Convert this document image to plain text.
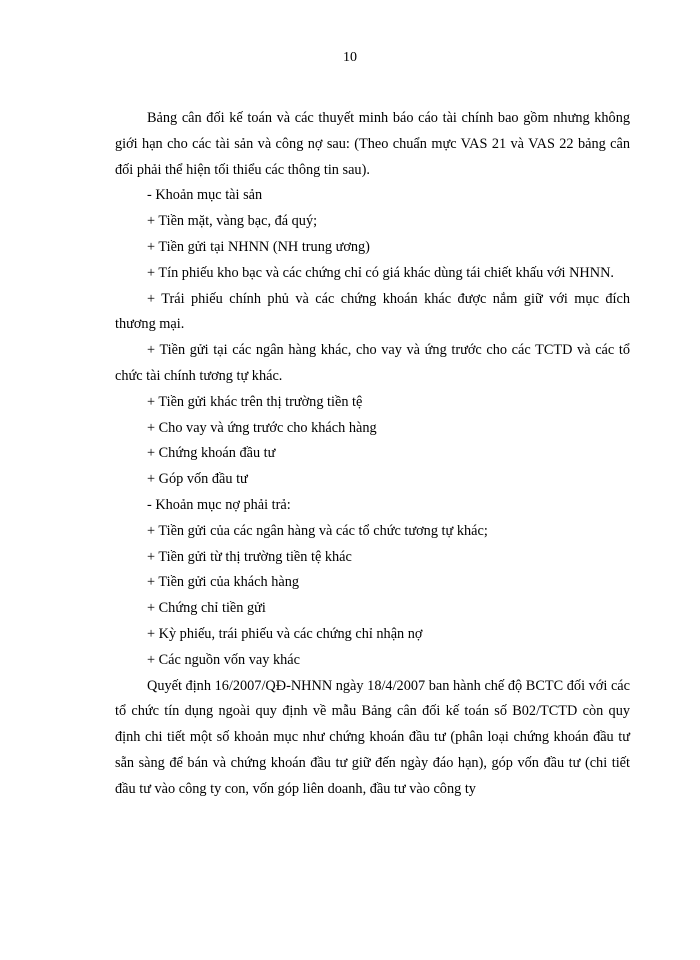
10

Bảng cân đối kế toán và các thuyết minh báo cáo tài chính bao gồm nhưng không giới hạn cho các tài sản và công nợ sau: (Theo chuẩn mực VAS 21 và VAS 22 bảng cân đối phải thể hiện tối thiểu các thông tin sau).

- Khoản mục tài sản

+ Tiền mặt, vàng bạc, đá quý;

+ Tiền gửi tại NHNN (NH trung ương)

+ Tín phiếu kho bạc và các chứng chỉ có giá khác dùng tái chiết khấu với NHNN.

+ Trái phiếu chính phủ và các chứng khoán khác được nắm giữ với mục đích thương mại.

+ Tiền gửi tại các ngân hàng khác, cho vay và ứng trước cho các TCTD và các tổ chức tài chính tương tự khác.

+ Tiền gửi khác trên thị trường tiền tệ

+ Cho vay và ứng trước cho khách hàng

+ Chứng khoán đầu tư

+ Góp vốn đầu tư

- Khoản mục nợ phải trả:

+ Tiền gửi của các ngân hàng và các tổ chức tương tự khác;

+ Tiền gửi từ thị trường tiền tệ khác

+ Tiền gửi của khách hàng

+ Chứng chỉ tiền gửi

+ Kỳ phiếu, trái phiếu và các chứng chỉ nhận nợ

+ Các nguồn vốn vay khác

Quyết định 16/2007/QĐ-NHNN ngày 18/4/2007 ban hành chế độ BCTC đối với các tổ chức tín dụng ngoài quy định về mẫu Bảng cân đối kế toán số B02/TCTD còn quy định chi tiết một số khoản mục như chứng khoán đầu tư (phân loại chứng khoán đầu tư sẵn sàng để bán và chứng khoán đầu tư giữ đến ngày đáo hạn), góp vốn đầu tư (chi tiết đầu tư vào công ty con, vốn góp liên doanh, đầu tư vào công ty
